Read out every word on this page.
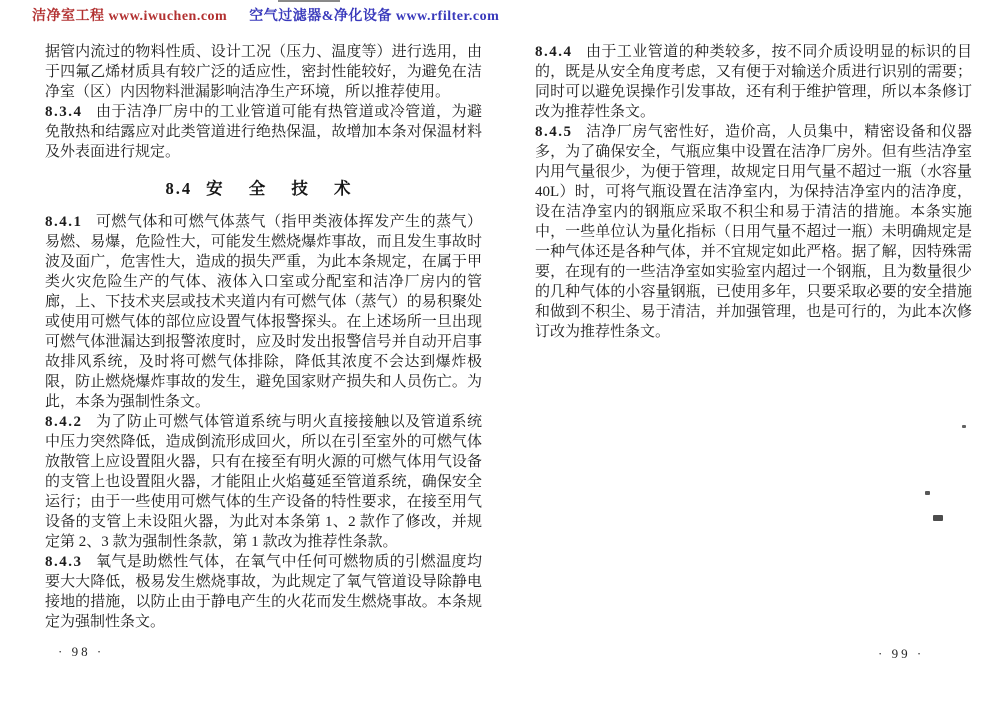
洁净室工程 www.iwuchen.com 空气过滤器&净化设备 www.rfilter.com

据管内流过的物料性质、设计工况（压力、温度等）进行选用，由于四氟乙烯材质具有较广泛的适应性，密封性能较好，为避免在洁净室（区）内因物料泄漏影响洁净生产环境，所以推荐使用。

8.3.4 由于洁净厂房中的工业管道可能有热管道或冷管道，为避免散热和结露应对此类管道进行绝热保温，故增加本条对保温材料及外表面进行规定。

8.4 安 全 技 术

8.4.1 可燃气体和可燃气体蒸气（指甲类液体挥发产生的蒸气）易燃、易爆，危险性大，可能发生燃烧爆炸事故，而且发生事故时波及面广，危害性大，造成的损失严重，为此本条规定，在属于甲类火灾危险生产的气体、液体入口室或分配室和洁净厂房内的管廊，上、下技术夹层或技术夹道内有可燃气体（蒸气）的易积聚处或使用可燃气体的部位应设置气体报警探头。在上述场所一旦出现可燃气体泄漏达到报警浓度时，应及时发出报警信号并自动开启事故排风系统，及时将可燃气体排除，降低其浓度不会达到爆炸极限，防止燃烧爆炸事故的发生，避免国家财产损失和人员伤亡。为此，本条为强制性条文。

8.4.2 为了防止可燃气体管道系统与明火直接接触以及管道系统中压力突然降低，造成倒流形成回火，所以在引至室外的可燃气体放散管上应设置阻火器，只有在接至有明火源的可燃气体用气设备的支管上也设置阻火器，才能阻止火焰蔓延至管道系统，确保安全运行；由于一些使用可燃气体的生产设备的特性要求，在接至用气设备的支管上未设阻火器，为此对本条第 1、2 款作了修改，并规定第 2、3 款为强制性条款，第 1 款改为推荐性条款。

8.4.3 氧气是助燃性气体，在氧气中任何可燃物质的引燃温度均要大大降低，极易发生燃烧事故，为此规定了氧气管道设导除静电接地的措施，以防止由于静电产生的火花而发生燃烧事故。本条规定为强制性条文。

8.4.4 由于工业管道的种类较多，按不同介质设明显的标识的目的，既是从安全角度考虑，又有便于对输送介质进行识别的需要；同时可以避免误操作引发事故，还有利于维护管理，所以本条修订改为推荐性条文。

8.4.5 洁净厂房气密性好，造价高，人员集中，精密设备和仪器多，为了确保安全，气瓶应集中设置在洁净厂房外。但有些洁净室内用气量很少，为便于管理，故规定日用气量不超过一瓶（水容量40L）时，可将气瓶设置在洁净室内，为保持洁净室内的洁净度，设在洁净室内的钢瓶应采取不积尘和易于清洁的措施。本条实施中，一些单位认为量化指标（日用气量不超过一瓶）未明确规定是一种气体还是各种气体，并不宜规定如此严格。据了解，因特殊需要，在现有的一些洁净室如实验室内超过一个钢瓶，且为数量很少的几种气体的小容量钢瓶，已使用多年，只要采取必要的安全措施和做到不积尘、易于清洁，并加强管理，也是可行的，为此本次修订改为推荐性条文。

· 98 ·	· 99 ·
